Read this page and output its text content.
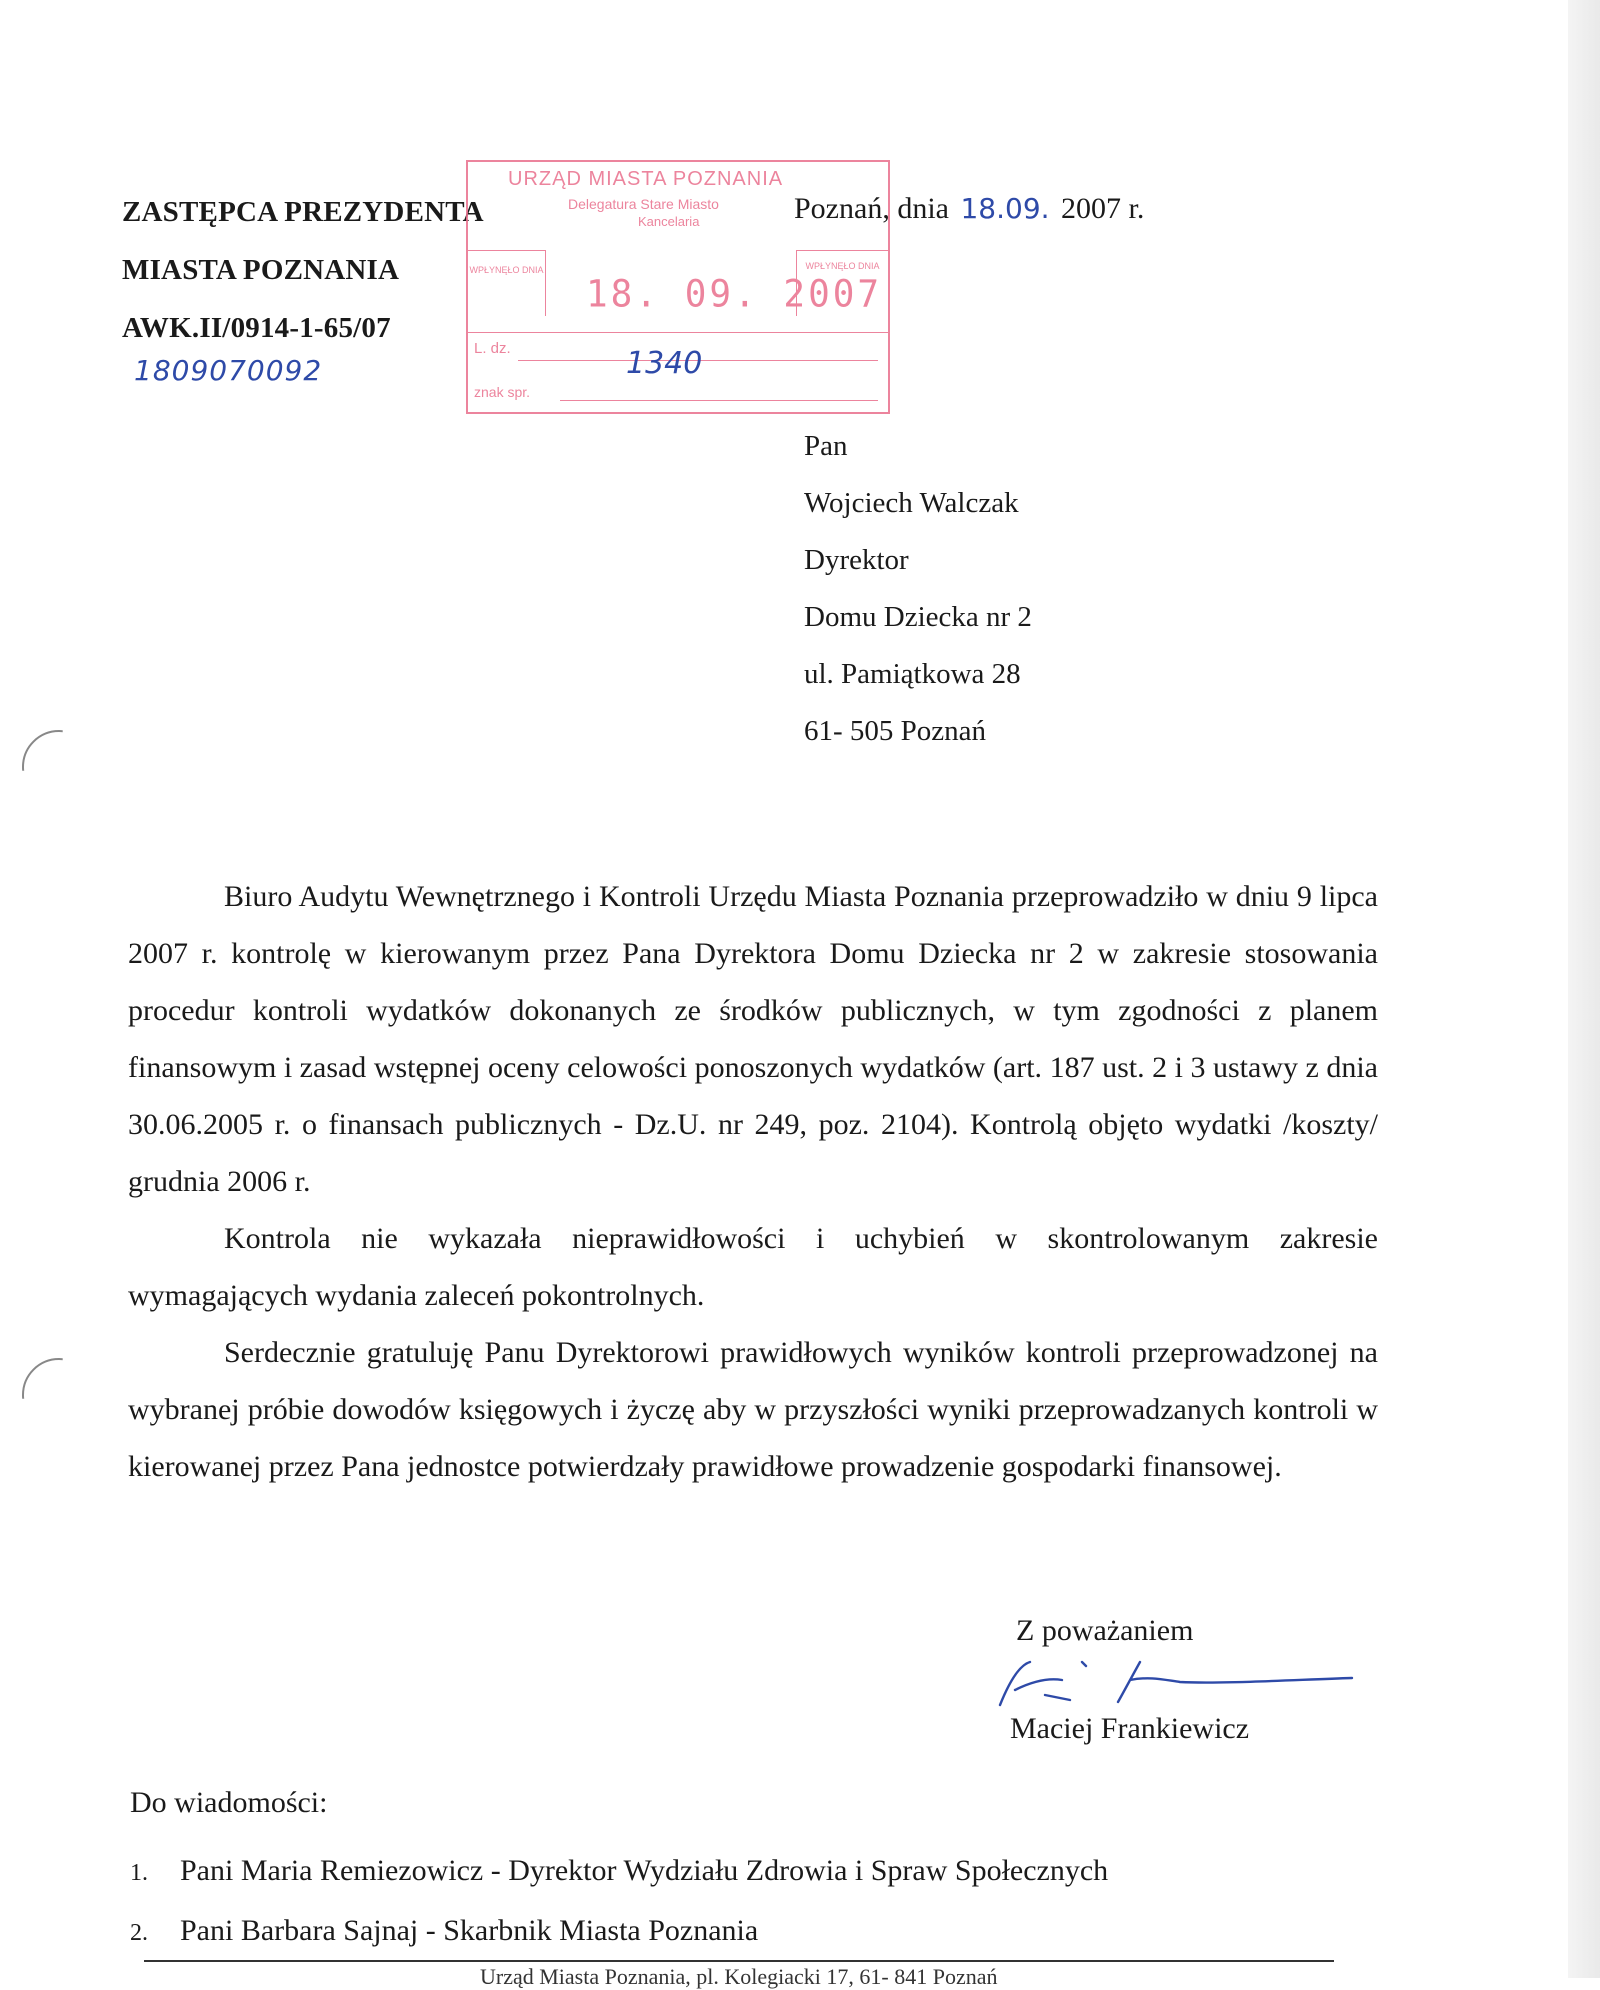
ZASTĘPCA PREZYDENTA
MIASTA POZNANIA
AWK.II/0914-1-65/07
1809070092
URZĄD MIASTA POZNANIA
Delegatura Stare Miasto
Kancelaria
WPŁYNĘŁO DNIA	WPŁYNĘŁO DNIA
18. 09. 2007
L. dz.
znak spr.
1340
Poznań, dnia 18.09. 2007 r.
Pan
Wojciech Walczak
Dyrektor
Domu Dziecka nr 2
ul. Pamiątkowa 28
61- 505 Poznań

Biuro Audytu Wewnętrznego i Kontroli Urzędu Miasta Poznania przeprowadziło w dniu 9 lipca 2007 r. kontrolę w kierowanym przez Pana Dyrektora Domu Dziecka nr 2 w zakresie stosowania procedur kontroli wydatków dokonanych ze środków publicznych, w tym zgodności z planem finansowym i zasad wstępnej oceny celowości ponoszonych wydatków (art. 187 ust. 2 i 3 ustawy z dnia 30.06.2005 r. o finansach publicznych - Dz.U. nr 249, poz. 2104). Kontrolą objęto wydatki /koszty/ grudnia 2006 r.

Kontrola nie wykazała nieprawidłowości i uchybień w skontrolowanym zakresie wymagających wydania zaleceń pokontrolnych.

Serdecznie gratuluję Panu Dyrektorowi prawidłowych wyników kontroli przeprowadzonej na wybranej próbie dowodów księgowych i życzę aby w przyszłości wyniki przeprowadzanych kontroli w kierowanej przez Pana jednostce potwierdzały prawidłowe prowadzenie gospodarki finansowej.

Z poważaniem
Maciej Frankiewicz
Do wiadomości:
1. Pani Maria Remiezowicz - Dyrektor Wydziału Zdrowia i Spraw Społecznych
2. Pani Barbara Sajnaj - Skarbnik Miasta Poznania
Urząd Miasta Poznania, pl. Kolegiacki 17, 61- 841 Poznań
